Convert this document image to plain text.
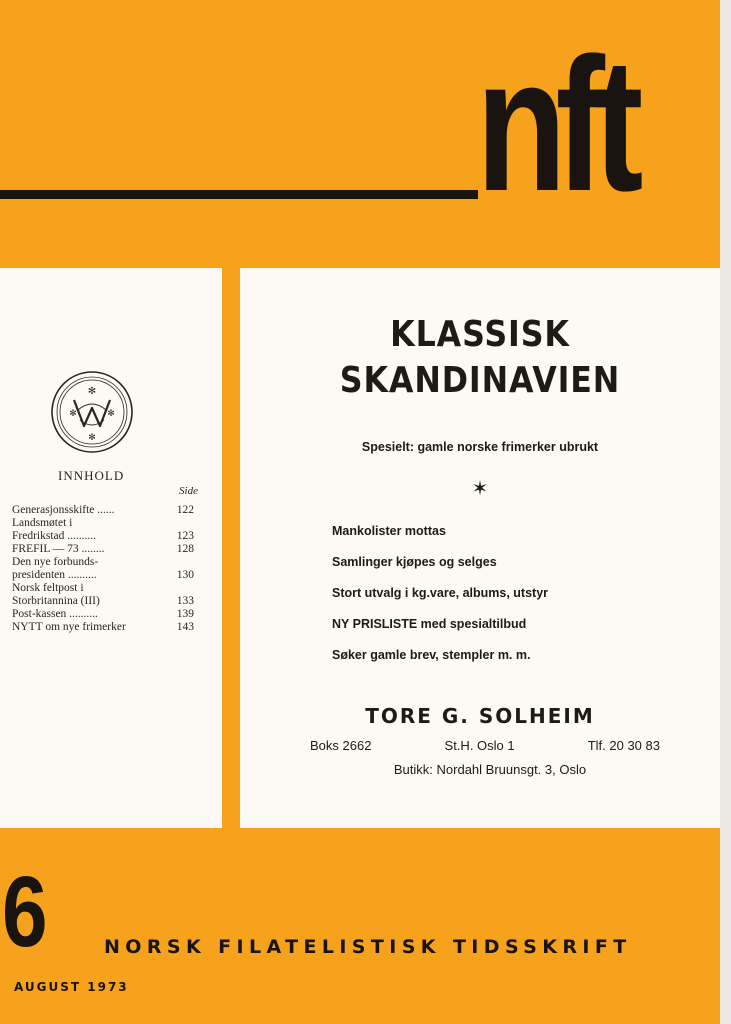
nft
✻
✻	✻
✻
INNHOLD
Side
Generasjonsskifte ......	122
Landsmøtet i
Fredrikstad ..........	123
FREFIL — 73 ........	128
Den nye forbunds-
presidenten ..........	130
Norsk feltpost i
Storbritannina (III)	133
Post-kassen ..........	139
NYTT om nye frimerker	143
KLASSISK
SKANDINAVIEN
Spesielt: gamle norske frimerker ubrukt
✶
Mankolister mottas
Samlinger kjøpes og selges
Stort utvalg i kg.vare, albums, utstyr
NY PRISLISTE med spesialtilbud
Søker gamle brev, stempler m. m.
TORE G. SOLHEIM
Boks 2662	St.H. Oslo 1	Tlf. 20 30 83
Butikk: Nordahl Bruunsgt. 3, Oslo
6	NORSK FILATELISTISK TIDSSKRIFT
AUGUST 1973
